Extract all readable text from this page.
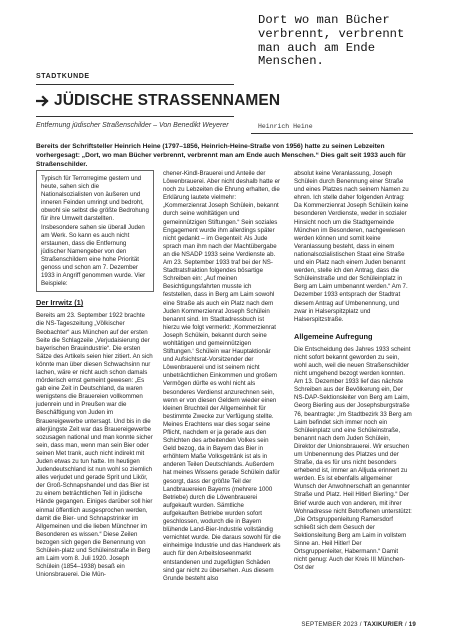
STADTKUNDE
JÜDISCHE STRASSENNAMEN
Entfernung jüdischer Straßenschilder – Von Benedikt Weyerer
Dort wo man Bücher verbrennt, verbrennt man auch am Ende Menschen.
Heinrich Heine
Bereits der Schriftsteller Heinrich Heine (1797–1856, Heinrich-Heine-Straße von 1956) hatte zu seinen Lebzeiten vorhergesagt: „Dort, wo man Bücher verbrennt, verbrennt man am Ende auch Menschen.“ Dies galt seit 1933 auch für Straßenschilder.

Typisch für Terrorregime gestern und heute, sahen sich die Nationalsozialisten von äußeren und inneren Feinden umringt und bedroht, obwohl sie selbst die größte Bedrohung für ihre Umwelt darstellten. Insbesondere sahen sie überall Juden am Werk. So kann es auch nicht erstaunen, dass die Entfernung jüdischer Namengeber von den Straßenschildern eine hohe Priorität genoss und schon am 7. Dezember 1933 in Angriff genommen wurde. Vier Beispiele:

Der Irrwitz (1)

Bereits am 23. September 1922 brachte die NS-Tageszeitung „Völkischer Beobachter“ aus München auf der ersten Seite die Schlagzeile „Verjudaisierung der bayerischen Brauindustrie“. Die ersten Sätze des Artikels seien hier zitiert. An sich könnte man über diesen Schwachsinn nur lachen, wäre er nicht auch schon damals mörderisch ernst gemeint gewesen: „Es gab eine Zeit in Deutschland, da waren wenigstens die Brauereien vollkommen judenrein und in Preußen war die Beschäftigung von Juden im Brauereigewerbe untersagt. Und bis in die allerjüngste Zeit war das Brauereigewerbe sozusagen national und man konnte sicher sein, dass man, wenn man sein Bier oder seinen Met trank, auch nicht indirekt mit Juden etwas zu tun hatte. Im heutigen Judendeutschland ist nun wohl so ziemlich alles verjudet und gerade Sprit und Likör, der Groß-Schnapshandel und das Bier ist zu einem beträchtlichen Teil in jüdische Hände gegangen. Einiges darüber soll hier einmal öffentlich ausgesprochen werden, damit die Bier- und Schnapstrinker im Allgemeinen und die lieben Münchner im Besonderen es wissen.“ Diese Zeilen bezogen sich gegen die Benennung von Schülein-platz und Schüleinstraße in Berg am Laim vom 8. Juli 1920. Joseph Schülein (1854–1938) besaß ein Unionsbrauerei. Die Mün-

chener-Kindl-Brauerei und Anteile der Löwenbrauerei. Aber nicht deshalb hatte er noch zu Lebzeiten die Ehrung erhalten, die Erklärung lautete vielmehr: „Kommerzienrat Joseph Schülein, bekannt durch seine wohltätigen und gemeinnützigen Stiftungen.“ Sein soziales Engagement wurde ihm allerdings später nicht gedankt – im Gegenteil: Als Jude sprach man ihm nach der Machtübergabe an die NSADP 1933 seine Verdienste ab. Am 23. September 1933 traf bei der NS-Stadtratsfraktion folgendes bösartige Schreiben ein: „Auf meinen Besichtigungsfahrten musste ich feststellen, dass in Berg am Laim sowohl eine Straße als auch ein Platz nach dem Juden Kommerzienrat Joseph Schülein benannt sind. Im Stadtadressbuch ist hierzu wie folgt vermerkt: ‚Kommerzienrat Joseph Schülein, bekannt durch seine wohltätigen und gemeinnützigen Stiftungen.‘ Schülein war Hauptaktionär und Aufsichtsrat-Vorsitzender der Löwenbrauerei und ist seinem nicht unbeträchtlichen Einkommen und großem Vermögen dürfte es wohl nicht als besonderes Verdienst anzurechnen sein, wenn er von diesen Geldern wieder einen kleinen Bruchteil der Allgemeinheit für bestimmte Zwecke zur Verfügung stellte. Meines Erachtens war dies sogar seine Pflicht, nachdem er ja gerade aus den Schichten des arbeitenden Volkes sein Geld bezog, da in Bayern das Bier in erhöhtem Maße Volksgetränk ist als in anderen Teilen Deutschlands. Außerdem hat meines Wissens gerade Schülein dafür gesorgt, dass der größte Teil der Landbrauereien Bayerns (mehrere 1000 Betriebe) durch die Löwenbrauerei aufgekauft wurden. Sämtliche aufgekauften Betriebe wurden sofort geschlossen, wodurch die in Bayern blühende Land-Bier-Industrie vollständig vernichtet wurde. Die daraus sowohl für die einheimige Industrie und das Handwerk als auch für den Arbeitsloseenmarkt entstandenen und zugefügten Schäden sind gar nicht zu übersehen. Aus diesem Grunde besteht also

absolut keine Veranlassung, Joseph Schülein durch Benennung einer Straße und eines Platzes nach seinem Namen zu ehren. Ich stelle daher folgenden Antrag: Da Kommerzienrat Joseph Schülein keine besonderen Verdienste, weder in sozialer Hinsicht noch um die Stadtgemeinde München im Besonderen, nachgewiesen werden können und somit keine Veranlassung besteht, dass in einem nationalsozialistischen Staat eine Straße und ein Platz nach einem Juden benannt werden, stelle ich den Antrag, dass die Schüleinstraße und der Schüleinplatz in Berg am Laim umbenannt werden.“ Am 7. Dezember 1933 entsprach der Stadtrat diesem Antrag auf Umbenennung, und zwar in Halserspitzplatz und Halserspitzstraße.

Allgemeine Aufregung

Die Entscheidung des Jahres 1933 scheint nicht sofort bekannt geworden zu sein, wohl auch, weil die neuen Straßenschilder nicht umgehend bezogt werden konnten. Am 13. Dezember 1933 lief das nächste Schreiben aus der Bevölkerung ein, Der NS-DAP-Sektionsleiter von Berg am Laim, Georg Bierling aus der Josephsburgstraße 76, beantragte: „Im Stadtbezirk 33 Berg am Laim befindet sich immer noch ein Schüleinplatz und eine Schüleinstraße, benannt nach dem Juden Schülein, Direktor der Unionsbrauerei. Wir ersuchen um Unbenennung des Platzes und der Straße, da es für uns nicht besonders erhebend ist, immer an Alljuda erinnert zu werden. Es ist ebenfalls allgemeiner Wunsch der Anwohnerschaft an genannter Straße und Platz. Heil Hitler! Bierling.“ Der Brief wurde auch von anderen, mit ihrer Wohnadresse nicht Betroffenen unterstützt: „Die Ortsgruppenleitung Ramersdorf schließt sich dem Gesuch der Sektionsleitung Berg am Laim in vollstem Sinne an. Heil Hitler! Der Ortsgruppenleiter, Habermann.“ Damit nicht genug: Auch der Kreis III München-Ost der

SEPTEMBER 2023 / TAXIKURIER / 19
